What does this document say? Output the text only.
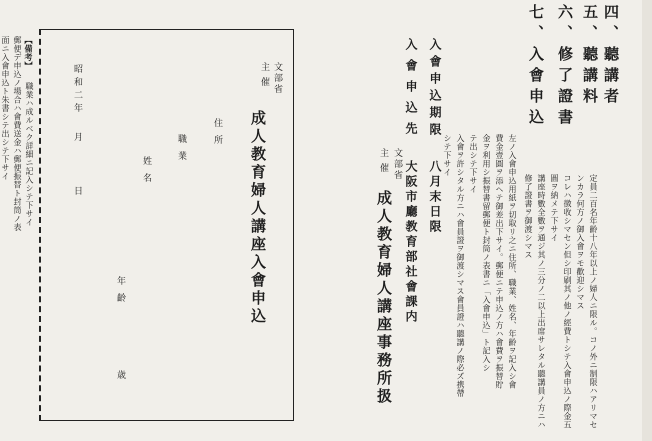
四、聽講者
定員二百名年齡十八年以上ノ婦人ニ限ル。コノ外ニ制限ハアリマセ
ンカラ何方ノ御入會ヲモ歡迎シマス
五、聽講料
コレハ徴收シマセン但シ印刷其ノ他ノ經費トシテ入會申込ノ際金五
圓ヲ納メテ下サイ
六、修了證書
講座時數全數ヲ通ジ其ノ三分ノ二以上出席サレタル聽講員ノ方ニハ
修了證書ヲ御渡シマス
七、入會申込
左ノ入會申込用紙ヲ切取リ之ニ住所、職業、姓名、年齡ヲ記入シ會
費金壹圓ヲ添ヘテ御差出下サイ。郵便ニテ申込ノ方ハ會費ヲ振替貯
金ヲ利用シ振替書留郵便ト封筒ノ表書ニ「入會申込」ト記入シ
テ出シテ下サイ
入會ヲ許シタル方ニハ會員證ヲ御渡シマス會員證ハ聽講ノ際必ズ携帶
シテ下サイ
入會申込期限
八月末日限
入會申込先
大阪市廳教育部社會課内
文部省
主催
成人教育婦人講座事務所扱
文部省
主催
成人教育婦人講座入會申込
住所
職業
姓名
年齡
歳
昭和二年
月
日
【備考】
職業ハ成ルベク詳細ニ記入シテ下サイ
郵便デ申込ノ場合ハ會費送金ハ郵便振替ト封筒ノ表
面ニ入會申込ト朱書シテ出シテ下サイ
